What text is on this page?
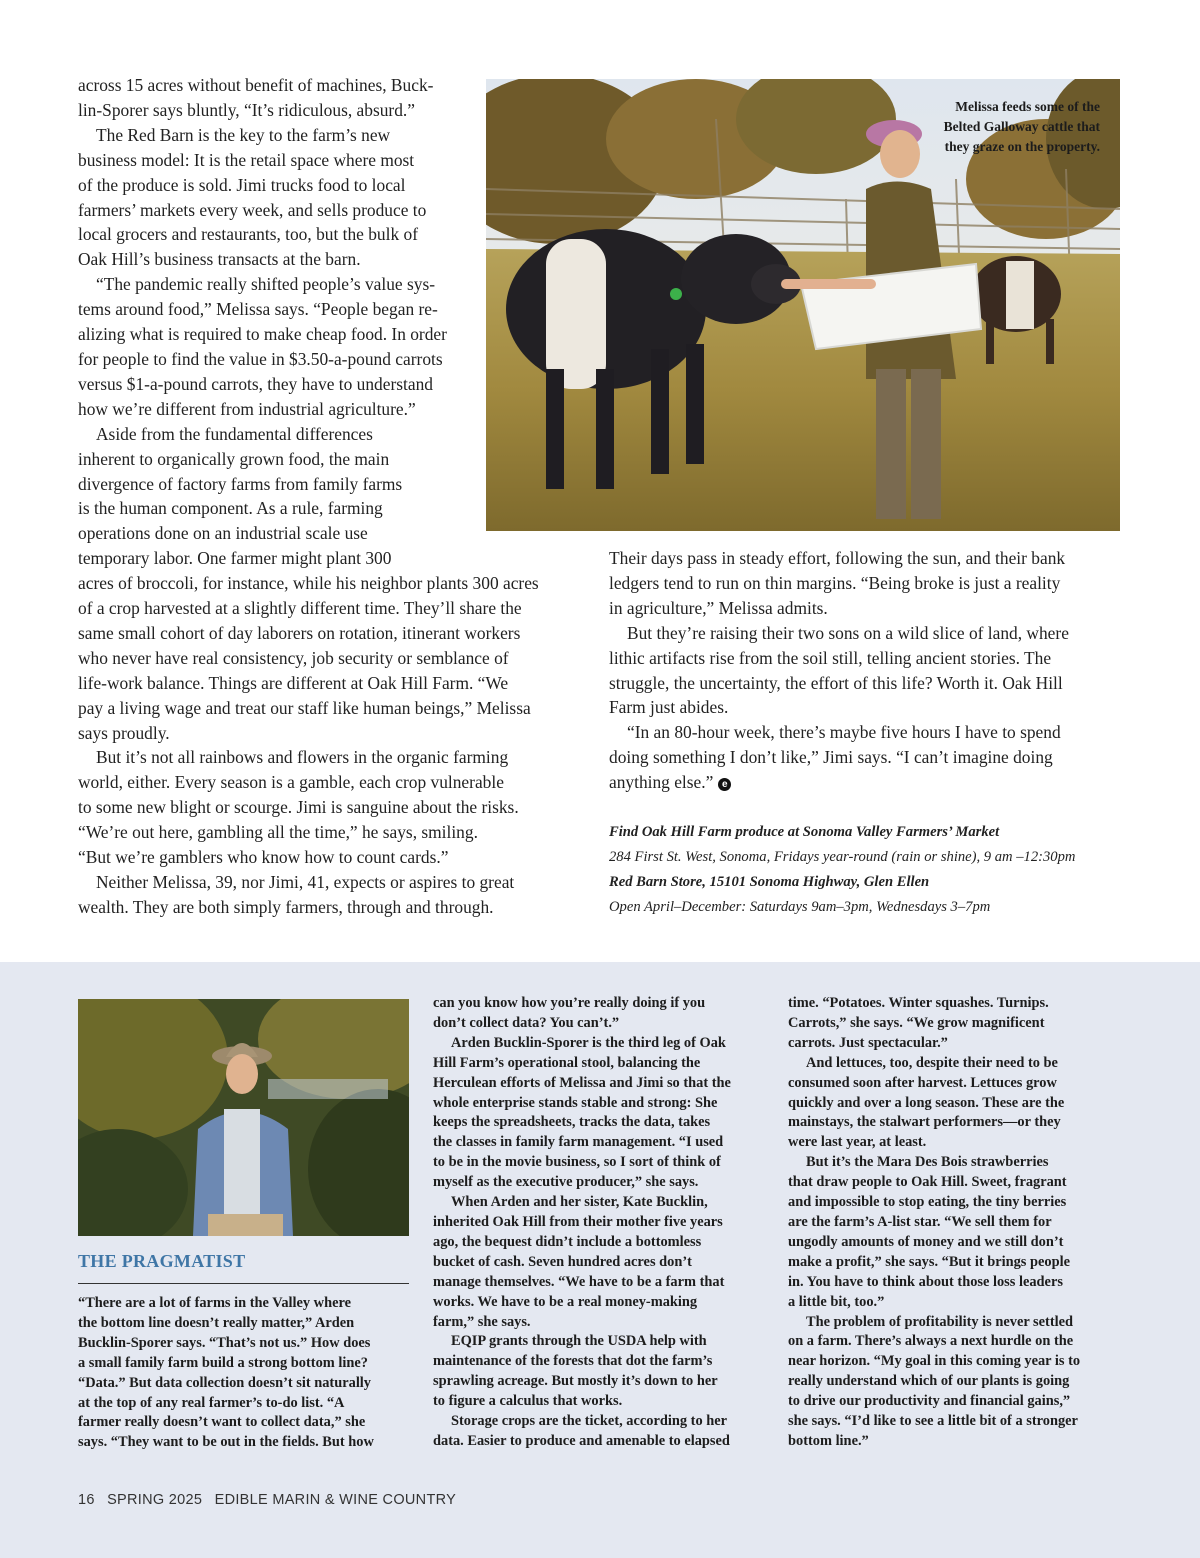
across 15 acres without benefit of machines, Buck-
lin-Sporer says bluntly, “It’s ridiculous, absurd.”
The Red Barn is the key to the farm’s new
business model: It is the retail space where most
of the produce is sold. Jimi trucks food to local
farmers’ markets every week, and sells produce to
local grocers and restaurants, too, but the bulk of
Oak Hill’s business transacts at the barn.
“The pandemic really shifted people’s value sys-
tems around food,” Melissa says. “People began re-
alizing what is required to make cheap food. In order
for people to find the value in $3.50-a-pound carrots
versus $1-a-pound carrots, they have to understand
how we’re different from industrial agriculture.”
Aside from the fundamental differences
inherent to organically grown food, the main
divergence of factory farms from family farms
is the human component. As a rule, farming
operations done on an industrial scale use
temporary labor. One farmer might plant 300
acres of broccoli, for instance, while his neighbor plants 300 acres
of a crop harvested at a slightly different time. They’ll share the
same small cohort of day laborers on rotation, itinerant workers
who never have real consistency, job security or semblance of
life-work balance. Things are different at Oak Hill Farm. “We
pay a living wage and treat our staff like human beings,” Melissa
says proudly.
But it’s not all rainbows and flowers in the organic farming
world, either. Every season is a gamble, each crop vulnerable
to some new blight or scourge. Jimi is sanguine about the risks.
“We’re out here, gambling all the time,” he says, smiling.
“But we’re gamblers who know how to count cards.”
Neither Melissa, 39, nor Jimi, 41, expects or aspires to great
wealth. They are both simply farmers, through and through.
Melissa feeds some of the Belted Galloway cattle that they graze on the property.
Their days pass in steady effort, following the sun, and their bank
ledgers tend to run on thin margins. “Being broke is just a reality
in agriculture,” Melissa admits.
But they’re raising their two sons on a wild slice of land, where
lithic artifacts rise from the soil still, telling ancient stories. The
struggle, the uncertainty, the effort of this life? Worth it. Oak Hill
Farm just abides.
“In an 80-hour week, there’s maybe five hours I have to spend
doing something I don’t like,” Jimi says. “I can’t imagine doing
anything else.” e
Find Oak Hill Farm produce at Sonoma Valley Farmers’ Market
284 First St. West, Sonoma, Fridays year-round (rain or shine), 9 am –12:30pm
Red Barn Store, 15101 Sonoma Highway, Glen Ellen
Open April–December: Saturdays 9am–3pm, Wednesdays 3–7pm
THE PRAGMATIST
“There are a lot of farms in the Valley where
the bottom line doesn’t really matter,” Arden
Bucklin-Sporer says. “That’s not us.” How does
a small family farm build a strong bottom line?
“Data.” But data collection doesn’t sit naturally
at the top of any real farmer’s to-do list. “A
farmer really doesn’t want to collect data,” she
says. “They want to be out in the fields. But how
can you know how you’re really doing if you
don’t collect data? You can’t.”
Arden Bucklin-Sporer is the third leg of Oak
Hill Farm’s operational stool, balancing the
Herculean efforts of Melissa and Jimi so that the
whole enterprise stands stable and strong: She
keeps the spreadsheets, tracks the data, takes
the classes in family farm management. “I used
to be in the movie business, so I sort of think of
myself as the executive producer,” she says.
When Arden and her sister, Kate Bucklin,
inherited Oak Hill from their mother five years
ago, the bequest didn’t include a bottomless
bucket of cash. Seven hundred acres don’t
manage themselves. “We have to be a farm that
works. We have to be a real money-making
farm,” she says.
EQIP grants through the USDA help with
maintenance of the forests that dot the farm’s
sprawling acreage. But mostly it’s down to her
to figure a calculus that works.
Storage crops are the ticket, according to her
data. Easier to produce and amenable to elapsed
time. “Potatoes. Winter squashes. Turnips.
Carrots,” she says. “We grow magnificent
carrots. Just spectacular.”
And lettuces, too, despite their need to be
consumed soon after harvest. Lettuces grow
quickly and over a long season. These are the
mainstays, the stalwart performers—or they
were last year, at least.
But it’s the Mara Des Bois strawberries
that draw people to Oak Hill. Sweet, fragrant
and impossible to stop eating, the tiny berries
are the farm’s A-list star. “We sell them for
ungodly amounts of money and we still don’t
make a profit,” she says. “But it brings people
in. You have to think about those loss leaders
a little bit, too.”
The problem of profitability is never settled
on a farm. There’s always a next hurdle on the
near horizon. “My goal in this coming year is to
really understand which of our plants is going
to drive our productivity and financial gains,”
she says. “I’d like to see a little bit of a stronger
bottom line.”
16 SPRING 2025 EDIBLE MARIN & WINE COUNTRY
